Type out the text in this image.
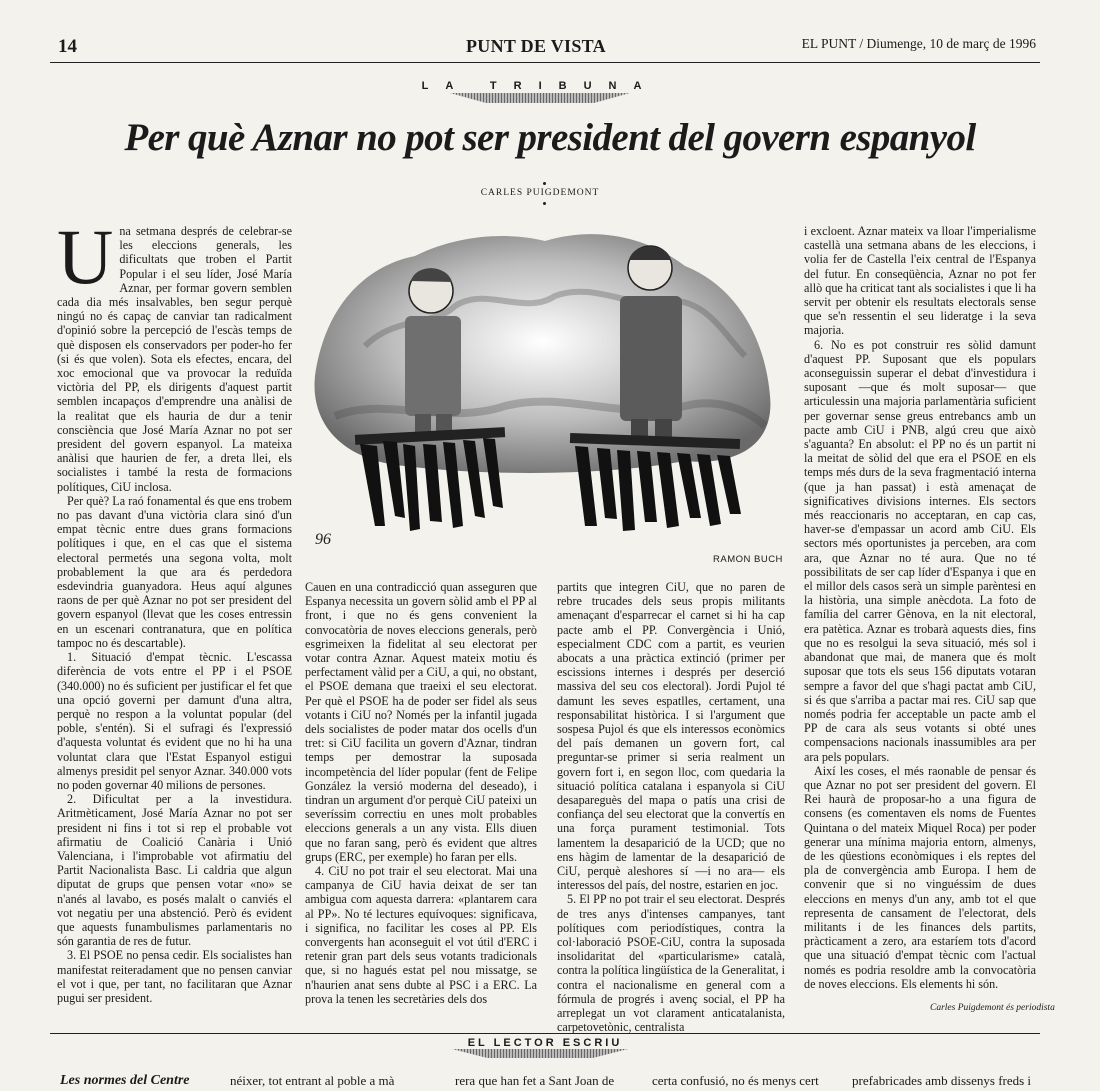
14	PUNT DE VISTA	EL PUNT / Diumenge, 10 de març de 1996
LA TRIBUNA
Per què Aznar no pot ser president del govern espanyol
CARLES PUIGDEMONT

Una setmana després de celebrar-se les eleccions generals, les dificultats que troben el Partit Popular i el seu líder, José María Aznar, per formar govern semblen cada dia més insalvables, ben segur perquè ningú no és capaç de canviar tan radicalment d'opinió sobre la percepció de l'escàs temps de què disposen els conservadors per poder-ho fer (si és que volen). Sota els efectes, encara, del xoc emocional que va provocar la reduïda victòria del PP, els dirigents d'aquest partit semblen incapaços d'emprendre una anàlisi de la realitat que els hauria de dur a tenir consciència que José María Aznar no pot ser president del govern espanyol. La mateixa anàlisi que haurien de fer, a dreta llei, els socialistes i també la resta de formacions polítiques, CiU inclosa.

Per què? La raó fonamental és que ens trobem no pas davant d'una victòria clara sinó d'un empat tècnic entre dues grans formacions polítiques i que, en el cas que el sistema electoral permetés una segona volta, molt probablement la que ara és perdedora esdevindria guanyadora. Heus aquí algunes raons de per què Aznar no pot ser president del govern espanyol (llevat que les coses entressin en un escenari contranatura, que en política tampoc no és descartable).

1. Situació d'empat tècnic. L'escassa diferència de vots entre el PP i el PSOE (340.000) no és suficient per justificar el fet que una opció governi per damunt d'una altra, perquè no respon a la voluntat popular (del poble, s'entén). Si el sufragi és l'expressió d'aquesta voluntat és evident que no hi ha una voluntat clara que l'Estat Espanyol estigui almenys presidit pel senyor Aznar. 340.000 vots no poden governar 40 milions de persones.

2. Dificultat per a la investidura. Aritmèticament, José María Aznar no pot ser president ni fins i tot si rep el probable vot afirmatiu de Coalició Canària i Unió Valenciana, i l'improbable vot afirmatiu del Partit Nacionalista Basc. Li caldria que algun diputat de grups que pensen votar «no» se n'anés al lavabo, es posés malalt o canviés el vot negatiu per una abstenció. Però és evident que aquests funambulismes parlamentaris no són garantia de res de futur.

3. El PSOE no pensa cedir. Els socialistes han manifestat reiteradament que no pensen canviar el vot i que, per tant, no facilitaran que Aznar pugui ser president.

96
RAMON BUCH

Cauen en una contradicció quan asseguren que Espanya necessita un govern sòlid amb el PP al front, i que no és gens convenient la convocatòria de noves eleccions generals, però esgrimeixen la fidelitat al seu electorat per votar contra Aznar. Aquest mateix motiu és perfectament vàlid per a CiU, a qui, no obstant, el PSOE demana que traeixi el seu electorat. Per què el PSOE ha de poder ser fidel als seus votants i CiU no? Només per la infantil jugada dels socialistes de poder matar dos ocells d'un tret: si CiU facilita un govern d'Aznar, tindran temps per demostrar la suposada incompetència del líder popular (fent de Felipe González la versió moderna del deseado), i tindran un argument d'or perquè CiU pateixi un severíssim correctiu en unes molt probables eleccions generals a un any vista. Ells diuen que no faran sang, però és evident que altres grups (ERC, per exemple) ho faran per ells.

4. CiU no pot trair el seu electorat. Mai una campanya de CiU havia deixat de ser tan ambigua com aquesta darrera: «plantarem cara al PP». No té lectures equívoques: significava, i significa, no facilitar les coses al PP. Els convergents han aconseguit el vot útil d'ERC i retenir gran part dels seus votants tradicionals que, si no hagués estat pel nou missatge, se n'haurien anat sens dubte al PSC i a ERC. La prova la tenen les secretàries dels dos

partits que integren CiU, que no paren de rebre trucades dels seus propis militants amenaçant d'esparrecar el carnet si hi ha cap pacte amb el PP. Convergència i Unió, especialment CDC com a partit, es veurien abocats a una pràctica extinció (primer per escissions internes i després per deserció massiva del seu cos electoral). Jordi Pujol té damunt les seves espatlles, certament, una responsabilitat històrica. I si l'argument que sospesa Pujol és que els interessos econòmics del país demanen un govern fort, cal preguntar-se primer si seria realment un govern fort i, en segon lloc, com quedaria la situació política catalana i espanyola si CiU desapareguès del mapa o patís una crisi de confiança del seu electorat que la convertís en una força purament testimonial. Tots lamentem la desaparició de la UCD; que no ens hàgim de lamentar de la desaparició de CiU, perquè aleshores sí —i no ara— els interessos del país, del nostre, estarien en joc.

5. El PP no pot trair el seu electorat. Després de tres anys d'intenses campanyes, tant polítiques com periodístiques, contra la col·laboració PSOE-CiU, contra la suposada insolidaritat del «particularisme» català, contra la política lingüística de la Generalitat, i contra el nacionalisme en general com a fórmula de progrés i avenç social, el PP ha arreplegat un vot clarament anticatalanista, carpetovetònic, centralista

i excloent. Aznar mateix va lloar l'imperialisme castellà una setmana abans de les eleccions, i volia fer de Castella l'eix central de l'Espanya del futur. En conseqüència, Aznar no pot fer allò que ha criticat tant als socialistes i que li ha servit per obtenir els resultats electorals sense que se'n ressentin el seu lideratge i la seva majoria.

6. No es pot construir res sòlid damunt d'aquest PP. Suposant que els populars aconseguissin superar el debat d'investidura i suposant —que és molt suposar— que articulessin una majoria parlamentària suficient per governar sense greus entrebancs amb un pacte amb CiU i PNB, algú creu que això s'aguanta? En absolut: el PP no és un partit ni la meitat de sòlid del que era el PSOE en els temps més durs de la seva fragmentació interna (que ja han passat) i està amenaçat de significatives divisions internes. Els sectors més reaccionaris no acceptaran, en cap cas, haver-se d'empassar un acord amb CiU. Els sectors més oportunistes ja perceben, ara com ara, que Aznar no té aura. Que no té possibilitats de ser cap líder d'Espanya i que en el millor dels casos serà un simple parèntesi en la història, una simple anècdota. La foto de família del carrer Gènova, en la nit electoral, era patètica. Aznar es trobarà aquests dies, fins que no es resolgui la seva situació, més sol i abandonat que mai, de manera que és molt suposar que tots els seus 156 diputats votaran sempre a favor del que s'hagi pactat amb CiU, si és que s'arriba a pactar mai res. CiU sap que només podria fer acceptable un pacte amb el PP de cara als seus votants si obté unes compensacions nacionals inassumibles ara per ara pels populars.

Així les coses, el més raonable de pensar és que Aznar no pot ser president del govern. El Rei haurà de proposar-ho a una figura de consens (es comentaven els noms de Fuentes Quintana o del mateix Miquel Roca) per poder generar una mínima majoria entorn, almenys, de les qüestions econòmiques i els reptes del pla de convergència amb Europa. I hem de convenir que si no vinguéssim de dues eleccions en menys d'un any, amb tot el que representa de cansament de l'electorat, dels militants i de les finances dels partits, pràcticament a zero, ara estaríem tots d'acord que una situació d'empat tècnic com l'actual només es podria resoldre amb la convocatòria de noves eleccions. Els elements hi són.

Carles Puigdemont és periodista
EL LECTOR ESCRIU
Les normes del Centre	néixer, tot entrant al poble a mà	rera que han fet a Sant Joan de	certa confusió, no és menys cert	prefabricades amb dissenys freds i
